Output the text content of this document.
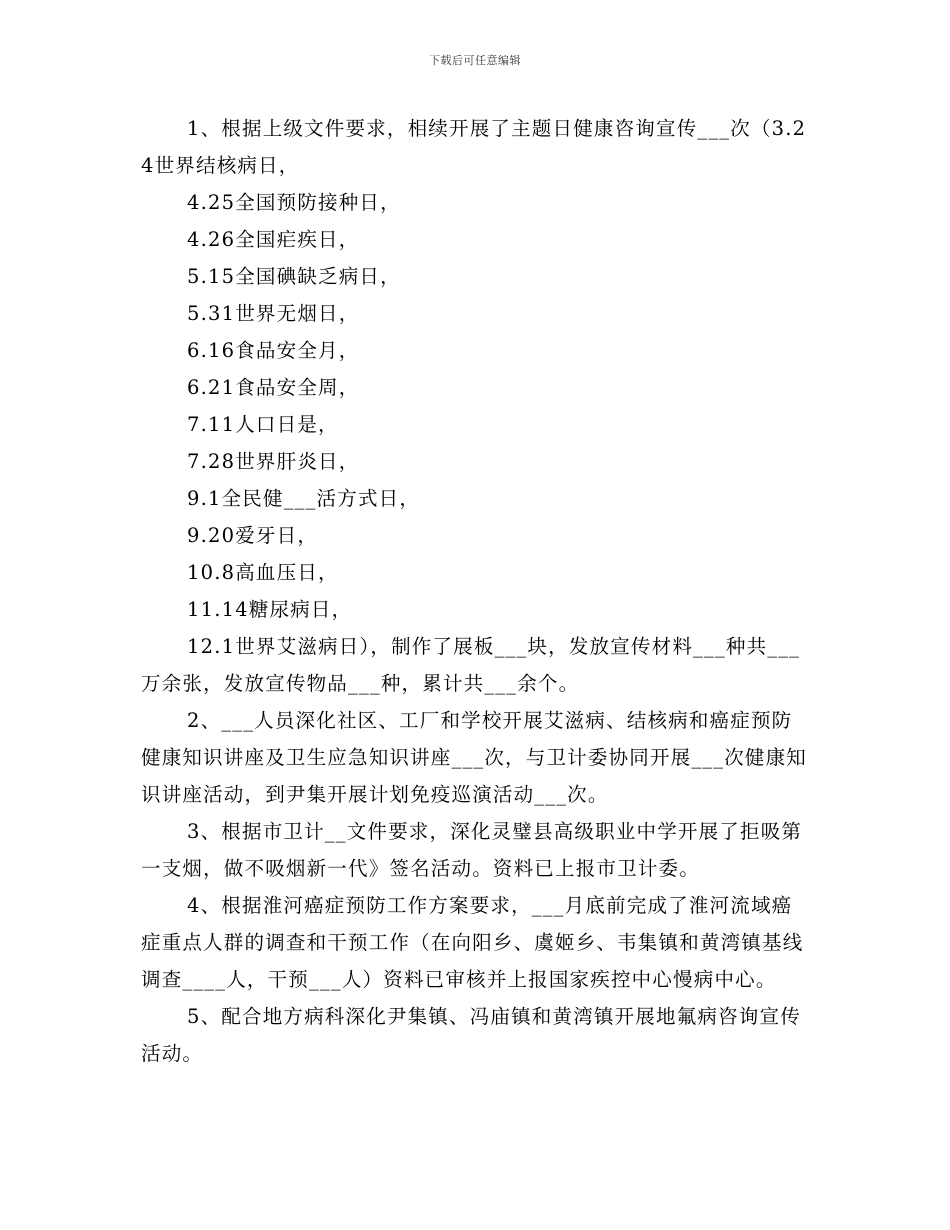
下载后可任意编辑

1、根据上级文件要求，相续开展了主题日健康咨询宣传___次（3.24世界结核病日，

4.25全国预防接种日，

4.26全国疟疾日，

5.15全国碘缺乏病日，

5.31世界无烟日，

6.16食品安全月，

6.21食品安全周，

7.11人口日是，

7.28世界肝炎日，

9.1全民健___活方式日，

9.20爱牙日，

10.8高血压日，

11.14糖尿病日，

12.1世界艾滋病日），制作了展板___块，发放宣传材料___种共___万余张，发放宣传物品___种，累计共___余个。

2、___人员深化社区、工厂和学校开展艾滋病、结核病和癌症预防健康知识讲座及卫生应急知识讲座___次，与卫计委协同开展___次健康知识讲座活动，到尹集开展计划免疫巡演活动___次。

3、根据市卫计__文件要求，深化灵璧县高级职业中学开展了拒吸第一支烟，做不吸烟新一代》签名活动。资料已上报市卫计委。

4、根据淮河癌症预防工作方案要求，___月底前完成了淮河流域癌症重点人群的调查和干预工作（在向阳乡、虞姬乡、韦集镇和黄湾镇基线调查____人，干预___人）资料已审核并上报国家疾控中心慢病中心。

5、配合地方病科深化尹集镇、冯庙镇和黄湾镇开展地氟病咨询宣传活动。
